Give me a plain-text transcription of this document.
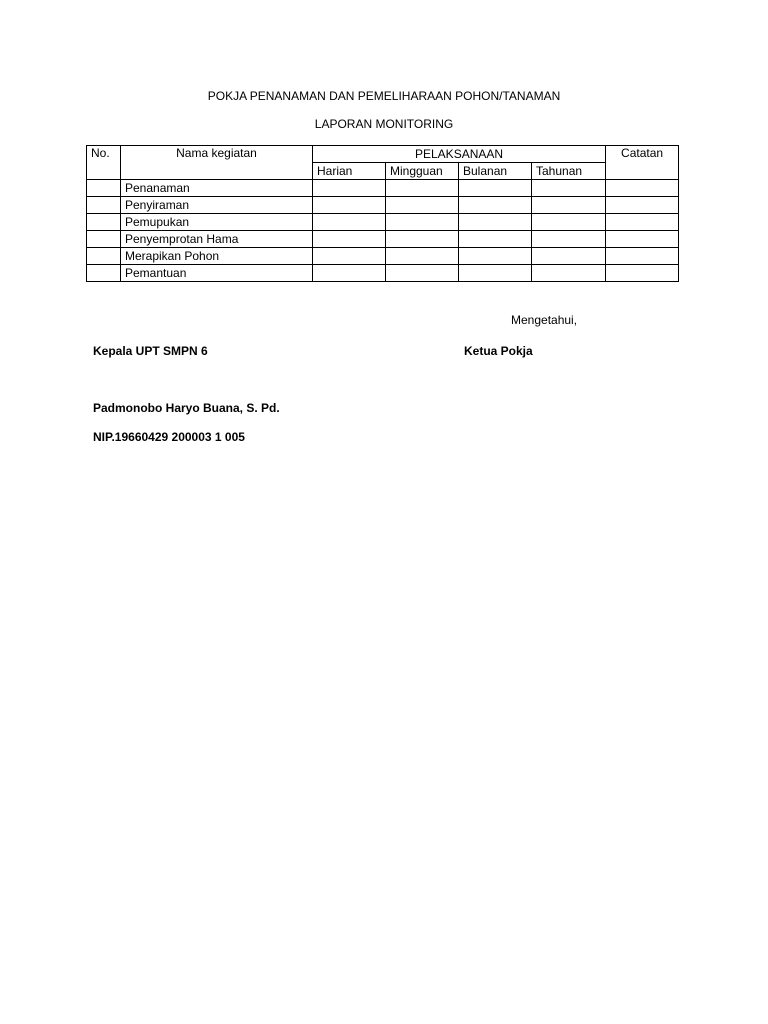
POKJA PENANAMAN DAN PEMELIHARAAN POHON/TANAMAN
LAPORAN MONITORING
No.	Nama kegiatan	PELAKSANAAN				Catatan
		Harian	Mingguan	Bulanan	Tahunan	
	Penanaman					
	Penyiraman					
	Pemupukan					
	Penyemprotan Hama					
	Merapikan Pohon					
	Pemantuan					
Mengetahui,
Kepala UPT SMPN 6	Ketua Pokja
Padmonobo Haryo Buana, S. Pd.
NIP.19660429 200003 1 005
